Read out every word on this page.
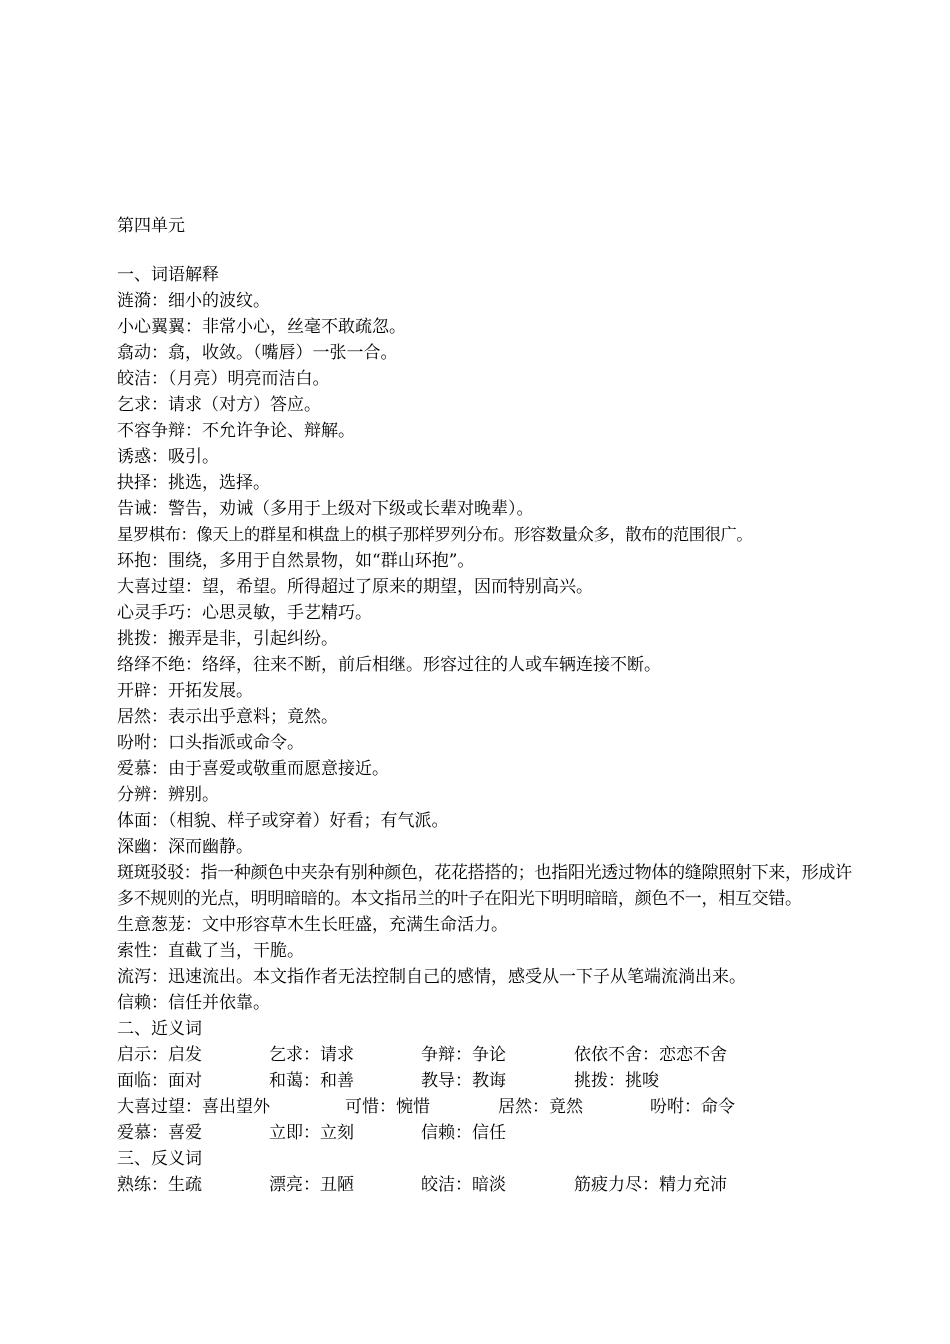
第四单元
一、词语解释
涟漪：细小的波纹。
小心翼翼：非常小心，丝毫不敢疏忽。
翕动：翕，收敛。（嘴唇）一张一合。
皎洁：（月亮）明亮而洁白。
乞求：请求（对方）答应。
不容争辩：不允许争论、辩解。
诱惑：吸引。
抉择：挑选，选择。
告诫：警告，劝诫（多用于上级对下级或长辈对晚辈）。
星罗棋布：像天上的群星和棋盘上的棋子那样罗列分布。形容数量众多，散布的范围很广。
环抱：围绕，多用于自然景物，如“群山环抱”。
大喜过望：望，希望。所得超过了原来的期望，因而特别高兴。
心灵手巧：心思灵敏，手艺精巧。
挑拨：搬弄是非，引起纠纷。
络绎不绝：络绎，往来不断，前后相继。形容过往的人或车辆连接不断。
开辟：开拓发展。
居然：表示出乎意料；竟然。
吩咐：口头指派或命令。
爱慕：由于喜爱或敬重而愿意接近。
分辨：辨别。
体面：（相貌、样子或穿着）好看；有气派。
深幽：深而幽静。
斑斑驳驳：指一种颜色中夹杂有别种颜色，花花搭搭的；也指阳光透过物体的缝隙照射下来，形成许多不规则的光点，明明暗暗的。本文指吊兰的叶子在阳光下明明暗暗，颜色不一，相互交错。
生意葱茏：文中形容草木生长旺盛，充满生命活力。
索性：直截了当，干脆。
流泻：迅速流出。本文指作者无法控制自己的感情，感受从一下子从笔端流淌出来。
信赖：信任并依靠。
二、近义词
启示：启发	乞求：请求	争辩：争论	依依不舍：恋恋不舍
面临：面对	和蔼：和善	教导：教诲	挑拨：挑唆
大喜过望：喜出望外	可惜：惋惜	居然：竟然	吩咐：命令
爱慕：喜爱	立即：立刻	信赖：信任
三、反义词
熟练：生疏	漂亮：丑陋	皎洁：暗淡	筋疲力尽：精力充沛
